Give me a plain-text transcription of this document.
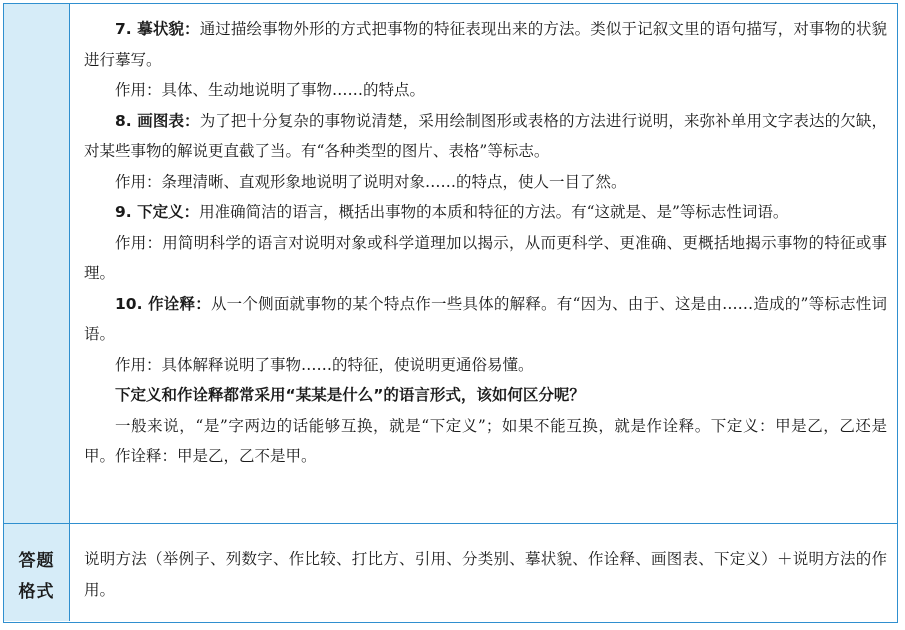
7. 摹状貌：通过描绘事物外形的方式把事物的特征表现出来的方法。类似于记叙文里的语句描写，对事物的状貌进行摹写。

作用：具体、生动地说明了事物……的特点。

8. 画图表：为了把十分复杂的事物说清楚，采用绘制图形或表格的方法进行说明，来弥补单用文字表达的欠缺，对某些事物的解说更直截了当。有“各种类型的图片、表格”等标志。

作用：条理清晰、直观形象地说明了说明对象……的特点，使人一目了然。

9. 下定义：用准确简洁的语言，概括出事物的本质和特征的方法。有“这就是、是”等标志性词语。

作用：用简明科学的语言对说明对象或科学道理加以揭示，从而更科学、更准确、更概括地揭示事物的特征或事理。

10. 作诠释：从一个侧面就事物的某个特点作一些具体的解释。有“因为、由于、这是由……造成的”等标志性词语。

作用：具体解释说明了事物……的特征，使说明更通俗易懂。

下定义和作诠释都常采用“某某是什么”的语言形式，该如何区分呢？

一般来说，“是”字两边的话能够互换，就是“下定义”；如果不能互换，就是作诠释。下定义：甲是乙，乙还是甲。作诠释：甲是乙，乙不是甲。

答题
格式
说明方法（举例子、列数字、作比较、打比方、引用、分类别、摹状貌、作诠释、画图表、下定义）＋说明方法的作用。
